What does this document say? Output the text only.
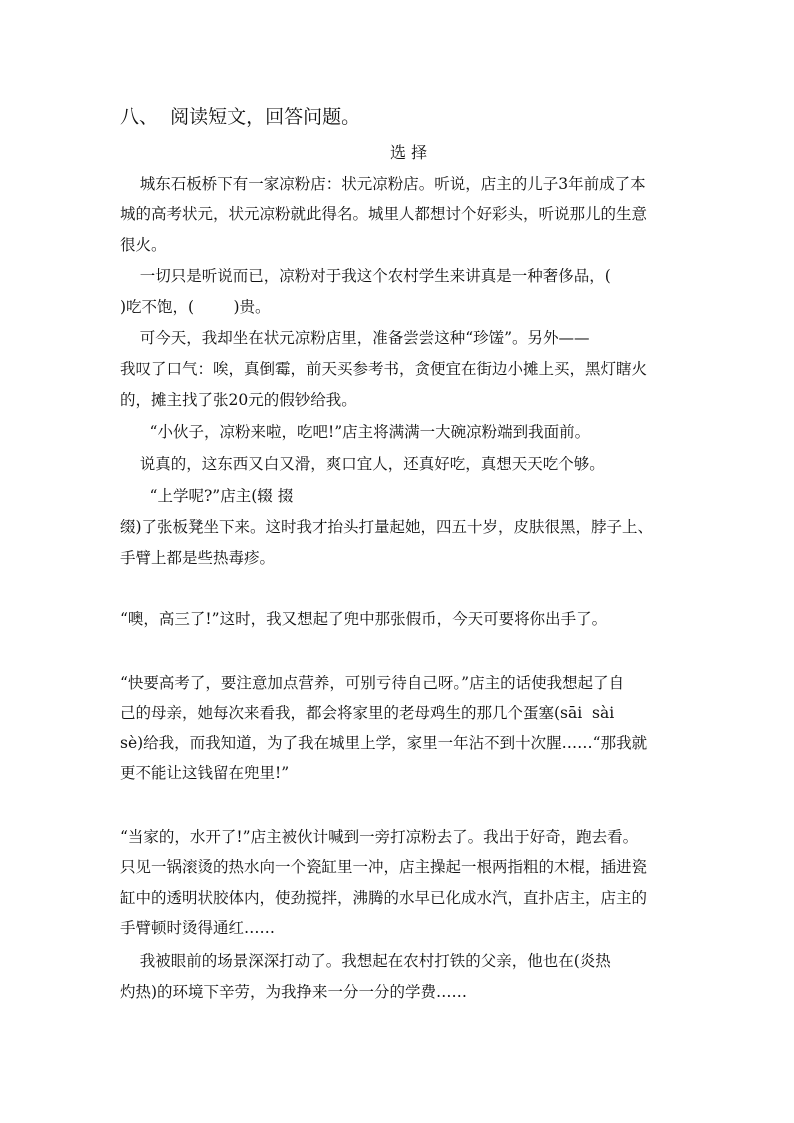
八、  阅读短文，回答问题。
选 择
城东石板桥下有一家凉粉店：状元凉粉店。听说，店主的儿子3年前成了本
城的高考状元，状元凉粉就此得名。城里人都想讨个好彩头，听说那儿的生意
很火。
一切只是听说而已，凉粉对于我这个农村学生来讲真是一种奢侈品，(
)吃不饱，(        )贵。
可今天，我却坐在状元凉粉店里，准备尝尝这种“珍馐”。另外——
我叹了口气：唉，真倒霉，前天买参考书，贪便宜在街边小摊上买，黑灯瞎火
的，摊主找了张20元的假钞给我。
“小伙子，凉粉来啦，吃吧!”店主将满满一大碗凉粉端到我面前。
说真的，这东西又白又滑，爽口宜人，还真好吃，真想天天吃个够。
“上学呢?”店主(辍 掇
缀)了张板凳坐下来。这时我才抬头打量起她，四五十岁，皮肤很黑，脖子上、
手臂上都是些热毒疹。
“噢，高三了!”这时，我又想起了兜中那张假币，今天可要将你出手了。
“快要高考了，要注意加点营养，可别亏待自己呀。”店主的话使我想起了自
己的母亲，她每次来看我，都会将家里的老母鸡生的那几个蛋塞(sāi  sài
sè)给我，而我知道，为了我在城里上学，家里一年沾不到十次腥……“那我就
更不能让这钱留在兜里!”
“当家的，水开了!”店主被伙计喊到一旁打凉粉去了。我出于好奇，跑去看。
只见一锅滚烫的热水向一个瓷缸里一冲，店主操起一根两指粗的木棍，插进瓷
缸中的透明状胶体内，使劲搅拌，沸腾的水早已化成水汽，直扑店主，店主的
手臂顿时烫得通红……
我被眼前的场景深深打动了。我想起在农村打铁的父亲，他也在(炎热
灼热)的环境下辛劳，为我挣来一分一分的学费……
